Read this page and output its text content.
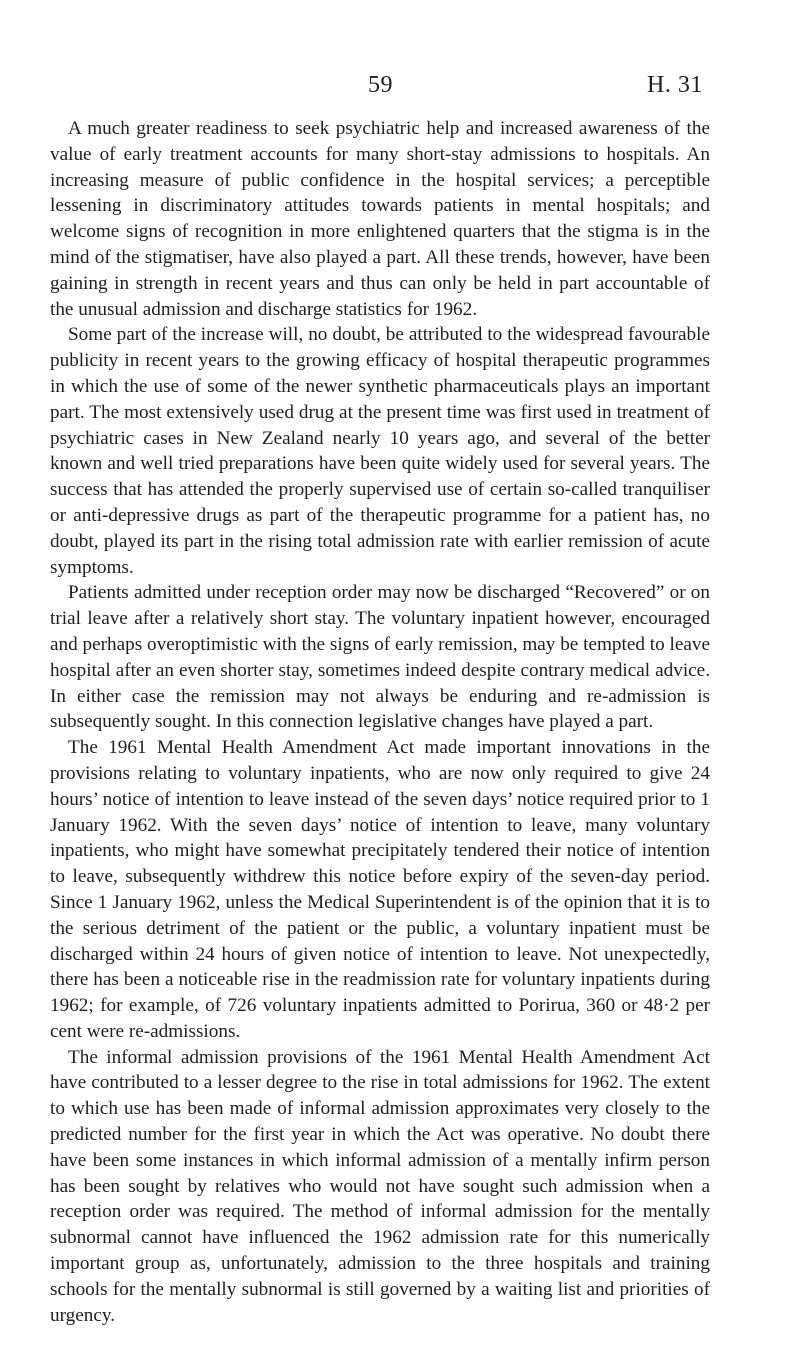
59	H. 31

A much greater readiness to seek psychiatric help and increased awareness of the value of early treatment accounts for many short-stay admissions to hospitals. An increasing measure of public confidence in the hospital services; a perceptible lessening in discriminatory attitudes towards patients in mental hospitals; and welcome signs of recognition in more enlightened quarters that the stigma is in the mind of the stigmatiser, have also played a part. All these trends, however, have been gaining in strength in recent years and thus can only be held in part accountable of the unusual admission and discharge statistics for 1962.

Some part of the increase will, no doubt, be attributed to the widespread favourable publicity in recent years to the growing efficacy of hospital therapeutic programmes in which the use of some of the newer synthetic pharmaceuticals plays an important part. The most extensively used drug at the present time was first used in treatment of psychiatric cases in New Zealand nearly 10 years ago, and several of the better known and well tried preparations have been quite widely used for several years. The success that has attended the properly supervised use of certain so-called tranquiliser or anti-depressive drugs as part of the therapeutic programme for a patient has, no doubt, played its part in the rising total admission rate with earlier remission of acute symptoms.

Patients admitted under reception order may now be discharged “Recovered” or on trial leave after a relatively short stay. The voluntary inpatient however, encouraged and perhaps overoptimistic with the signs of early remission, may be tempted to leave hospital after an even shorter stay, sometimes indeed despite contrary medical advice. In either case the remission may not always be enduring and re-admission is subsequently sought. In this connection legislative changes have played a part.

The 1961 Mental Health Amendment Act made important innovations in the provisions relating to voluntary inpatients, who are now only required to give 24 hours’ notice of intention to leave instead of the seven days’ notice required prior to 1 January 1962. With the seven days’ notice of intention to leave, many voluntary inpatients, who might have somewhat precipitately tendered their notice of intention to leave, subsequently withdrew this notice before expiry of the seven-day period. Since 1 January 1962, unless the Medical Superintendent is of the opinion that it is to the serious detriment of the patient or the public, a voluntary inpatient must be discharged within 24 hours of given notice of intention to leave. Not unexpectedly, there has been a noticeable rise in the readmission rate for voluntary inpatients during 1962; for example, of 726 voluntary inpatients admitted to Porirua, 360 or 48·2 per cent were re-admissions.

The informal admission provisions of the 1961 Mental Health Amendment Act have contributed to a lesser degree to the rise in total admissions for 1962. The extent to which use has been made of informal admission approximates very closely to the predicted number for the first year in which the Act was operative. No doubt there have been some instances in which informal admission of a mentally infirm person has been sought by relatives who would not have sought such admission when a reception order was required. The method of informal admission for the mentally subnormal cannot have influenced the 1962 admission rate for this numerically important group as, unfortunately, admission to the three hospitals and training schools for the mentally subnormal is still governed by a waiting list and priorities of urgency.
